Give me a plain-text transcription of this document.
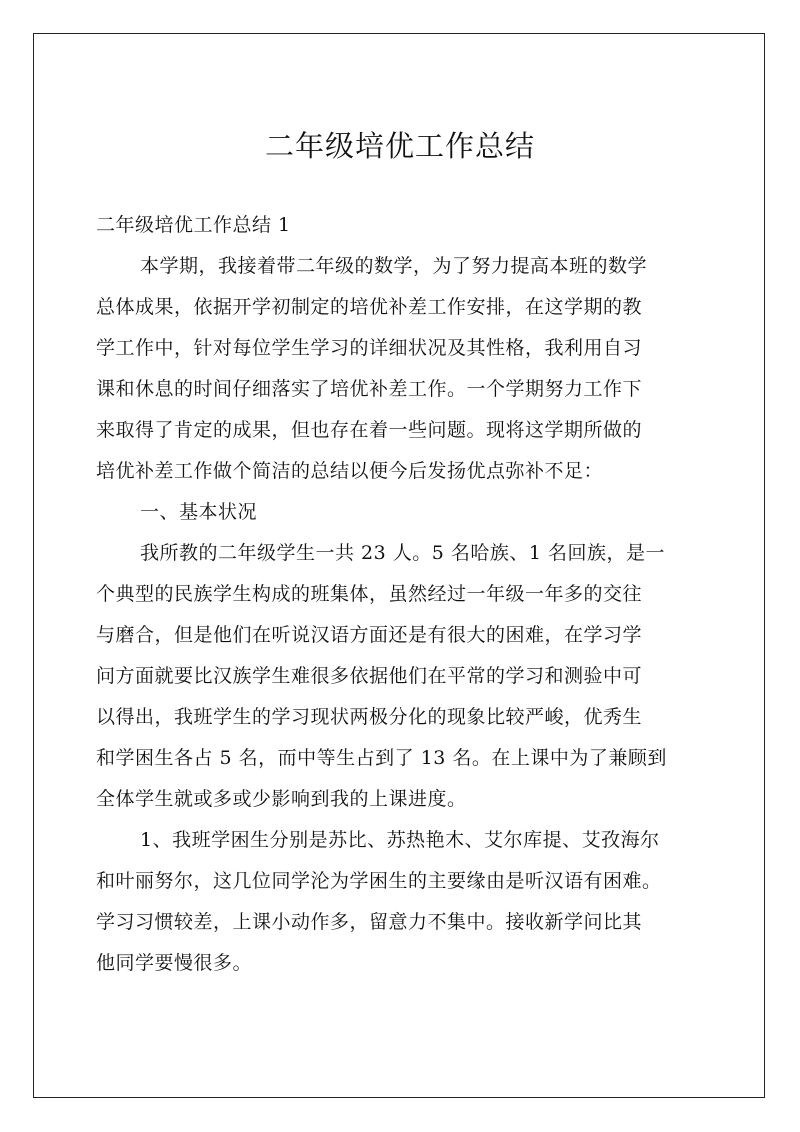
二年级培优工作总结

二年级培优工作总结 1

本学期，我接着带二年级的数学，为了努力提高本班的数学

总体成果，依据开学初制定的培优补差工作安排，在这学期的教

学工作中，针对每位学生学习的详细状况及其性格，我利用自习

课和休息的时间仔细落实了培优补差工作。一个学期努力工作下

来取得了肯定的成果，但也存在着一些问题。现将这学期所做的

培优补差工作做个简洁的总结以便今后发扬优点弥补不足：

一、基本状况

我所教的二年级学生一共 23 人。5 名哈族、1 名回族，是一

个典型的民族学生构成的班集体，虽然经过一年级一年多的交往

与磨合，但是他们在听说汉语方面还是有很大的困难，在学习学

问方面就要比汉族学生难很多依据他们在平常的学习和测验中可

以得出，我班学生的学习现状两极分化的现象比较严峻，优秀生

和学困生各占 5 名，而中等生占到了 13 名。在上课中为了兼顾到

全体学生就或多或少影响到我的上课进度。

1、我班学困生分别是苏比、苏热艳木、艾尔库提、艾孜海尔

和叶丽努尔，这几位同学沦为学困生的主要缘由是听汉语有困难。

学习习惯较差，上课小动作多，留意力不集中。接收新学问比其

他同学要慢很多。
